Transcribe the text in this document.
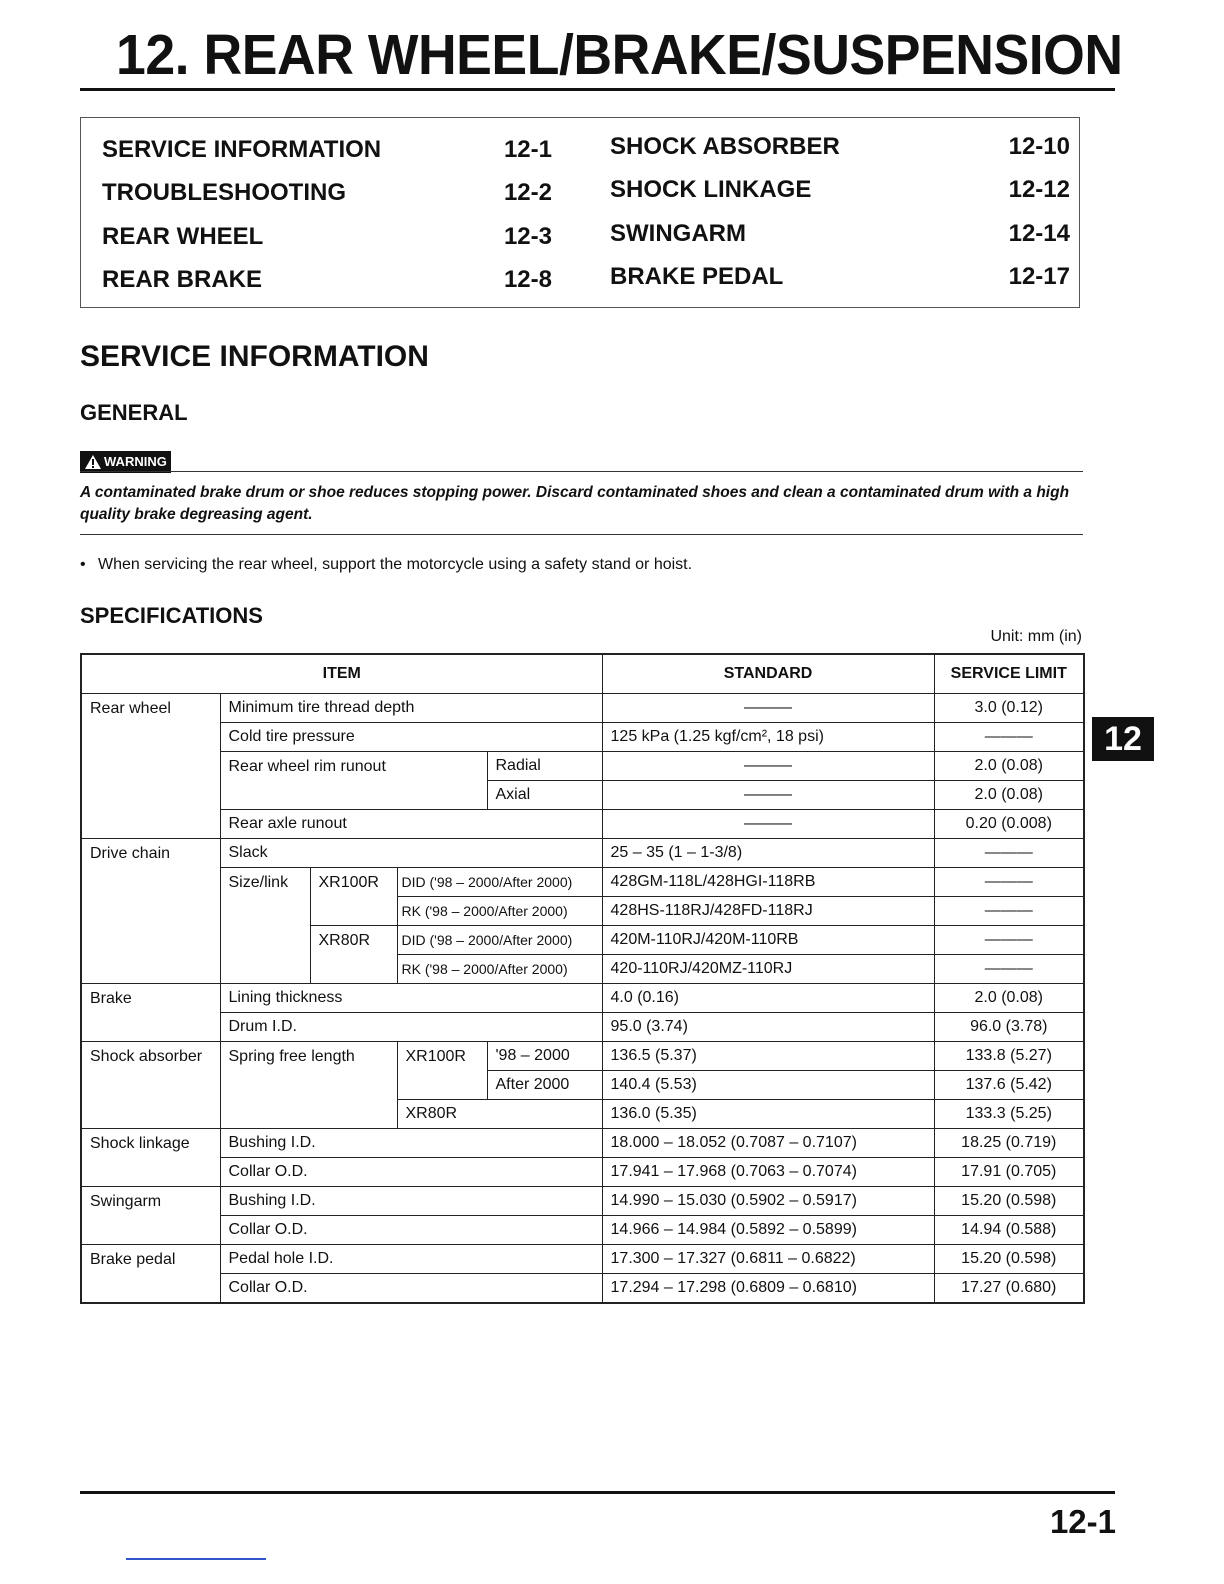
12. REAR WHEEL/BRAKE/SUSPENSION
SERVICE INFORMATION	12-1
TROUBLESHOOTING	12-2
REAR WHEEL	12-3
REAR BRAKE	12-8
SHOCK ABSORBER	12-10
SHOCK LINKAGE	12-12
SWINGARM	12-14
BRAKE PEDAL	12-17
SERVICE INFORMATION
GENERAL
WARNING

A contaminated brake drum or shoe reduces stopping power. Discard contaminated shoes and clean a contaminated drum with a high quality brake degreasing agent.

• When servicing the rear wheel, support the motorcycle using a safety stand or hoist.
SPECIFICATIONS
Unit: mm (in)
ITEM					STANDARD	SERVICE LIMIT
Rear wheel	Minimum tire thread depth				———	3.0 (0.12)
	Cold tire pressure				125 kPa (1.25 kgf/cm², 18 psi)	———
	Rear wheel rim runout			Radial	———	2.0 (0.08)
				Axial	———	2.0 (0.08)
	Rear axle runout				———	0.20 (0.008)
Drive chain	Slack				25 – 35 (1 – 1-3/8)	———
	Size/link	XR100R	DID ('98 – 2000/After 2000)		428GM-118L/428HGI-118RB	———
			RK ('98 – 2000/After 2000)		428HS-118RJ/428FD-118RJ	———
		XR80R	DID ('98 – 2000/After 2000)		420M-110RJ/420M-110RB	———
			RK ('98 – 2000/After 2000)		420-110RJ/420MZ-110RJ	———
Brake	Lining thickness				4.0 (0.16)	2.0 (0.08)
	Drum I.D.				95.0 (3.74)	96.0 (3.78)
Shock absorber	Spring free length		XR100R	'98 – 2000	136.5 (5.37)	133.8 (5.27)
				After 2000	140.4 (5.53)	137.6 (5.42)
			XR80R		136.0 (5.35)	133.3 (5.25)
Shock linkage	Bushing I.D.				18.000 – 18.052 (0.7087 – 0.7107)	18.25 (0.719)
	Collar O.D.				17.941 – 17.968 (0.7063 – 0.7074)	17.91 (0.705)
Swingarm	Bushing I.D.				14.990 – 15.030 (0.5902 – 0.5917)	15.20 (0.598)
	Collar O.D.				14.966 – 14.984 (0.5892 – 0.5899)	14.94 (0.588)
Brake pedal	Pedal hole I.D.				17.300 – 17.327 (0.6811 – 0.6822)	15.20 (0.598)
	Collar O.D.				17.294 – 17.298 (0.6809 – 0.6810)	17.27 (0.680)
12
12-1
